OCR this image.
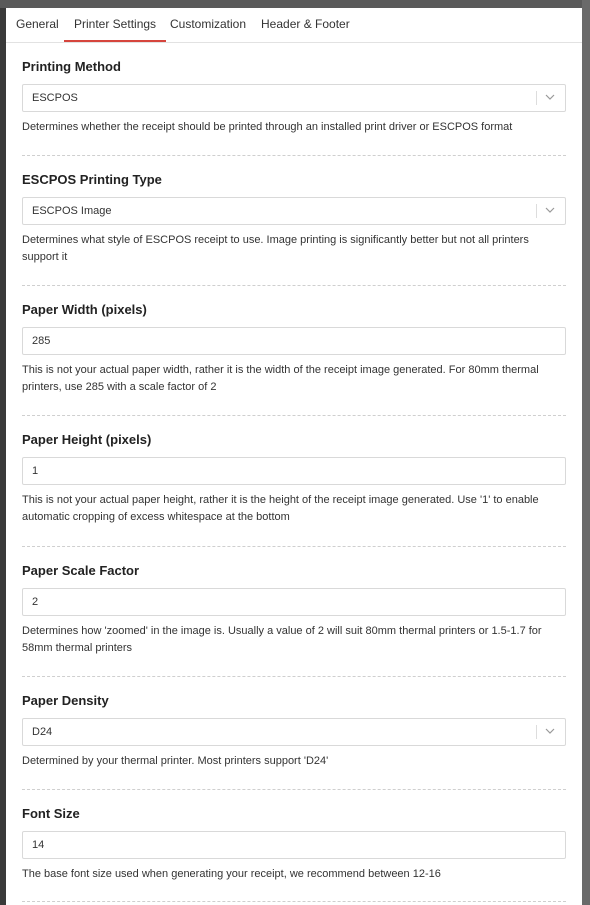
General	Printer Settings	Customization	Header & Footer
Printing Method
ESCPOS
Determines whether the receipt should be printed through an installed print driver or ESCPOS format
ESCPOS Printing Type
ESCPOS Image
Determines what style of ESCPOS receipt to use. Image printing is significantly better but not all printers support it
Paper Width (pixels)
285
This is not your actual paper width, rather it is the width of the receipt image generated. For 80mm thermal printers, use 285 with a scale factor of 2
Paper Height (pixels)
1
This is not your actual paper height, rather it is the height of the receipt image generated. Use '1' to enable automatic cropping of excess whitespace at the bottom
Paper Scale Factor
2
Determines how 'zoomed' in the image is. Usually a value of 2 will suit 80mm thermal printers or 1.5-1.7 for 58mm thermal printers
Paper Density
D24
Determined by your thermal printer. Most printers support 'D24'
Font Size
14
The base font size used when generating your receipt, we recommend between 12-16
